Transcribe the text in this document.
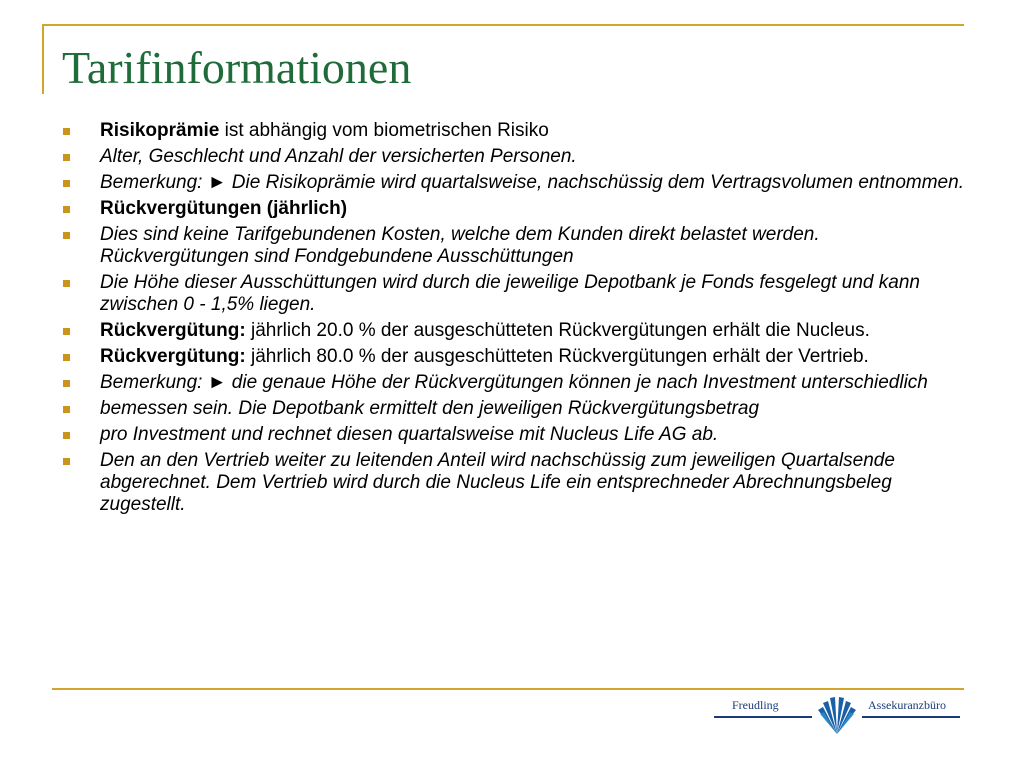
Tarifinformationen
Risikoprämie ist abhängig vom biometrischen Risiko
Alter, Geschlecht und Anzahl der versicherten Personen.
Bemerkung: ► Die Risikoprämie wird quartalsweise, nachschüssig dem Vertragsvolumen entnommen.
Rückvergütungen (jährlich)
Dies sind keine Tarifgebundenen Kosten, welche dem Kunden direkt belastet werden. Rückvergütungen sind Fondgebundene Ausschüttungen
Die Höhe dieser Ausschüttungen wird durch die jeweilige Depotbank je Fonds fesgelegt und kann zwischen 0 - 1,5% liegen.
Rückvergütung: jährlich 20.0 % der ausgeschütteten Rückvergütungen erhält die Nucleus.
Rückvergütung: jährlich 80.0 % der ausgeschütteten Rückvergütungen erhält der Vertrieb.
Bemerkung: ► die genaue Höhe der Rückvergütungen können je nach Investment unterschiedlich
bemessen sein. Die Depotbank ermittelt den jeweiligen Rückvergütungsbetrag
pro Investment und rechnet diesen quartalsweise mit Nucleus Life AG ab.
Den an den Vertrieb weiter zu leitenden Anteil wird nachschüssig zum jeweiligen Quartalsende abgerechnet. Dem Vertrieb wird durch die Nucleus Life ein entsprechneder Abrechnungsbeleg zugestellt.
Freudling	Assekuranzbüro
